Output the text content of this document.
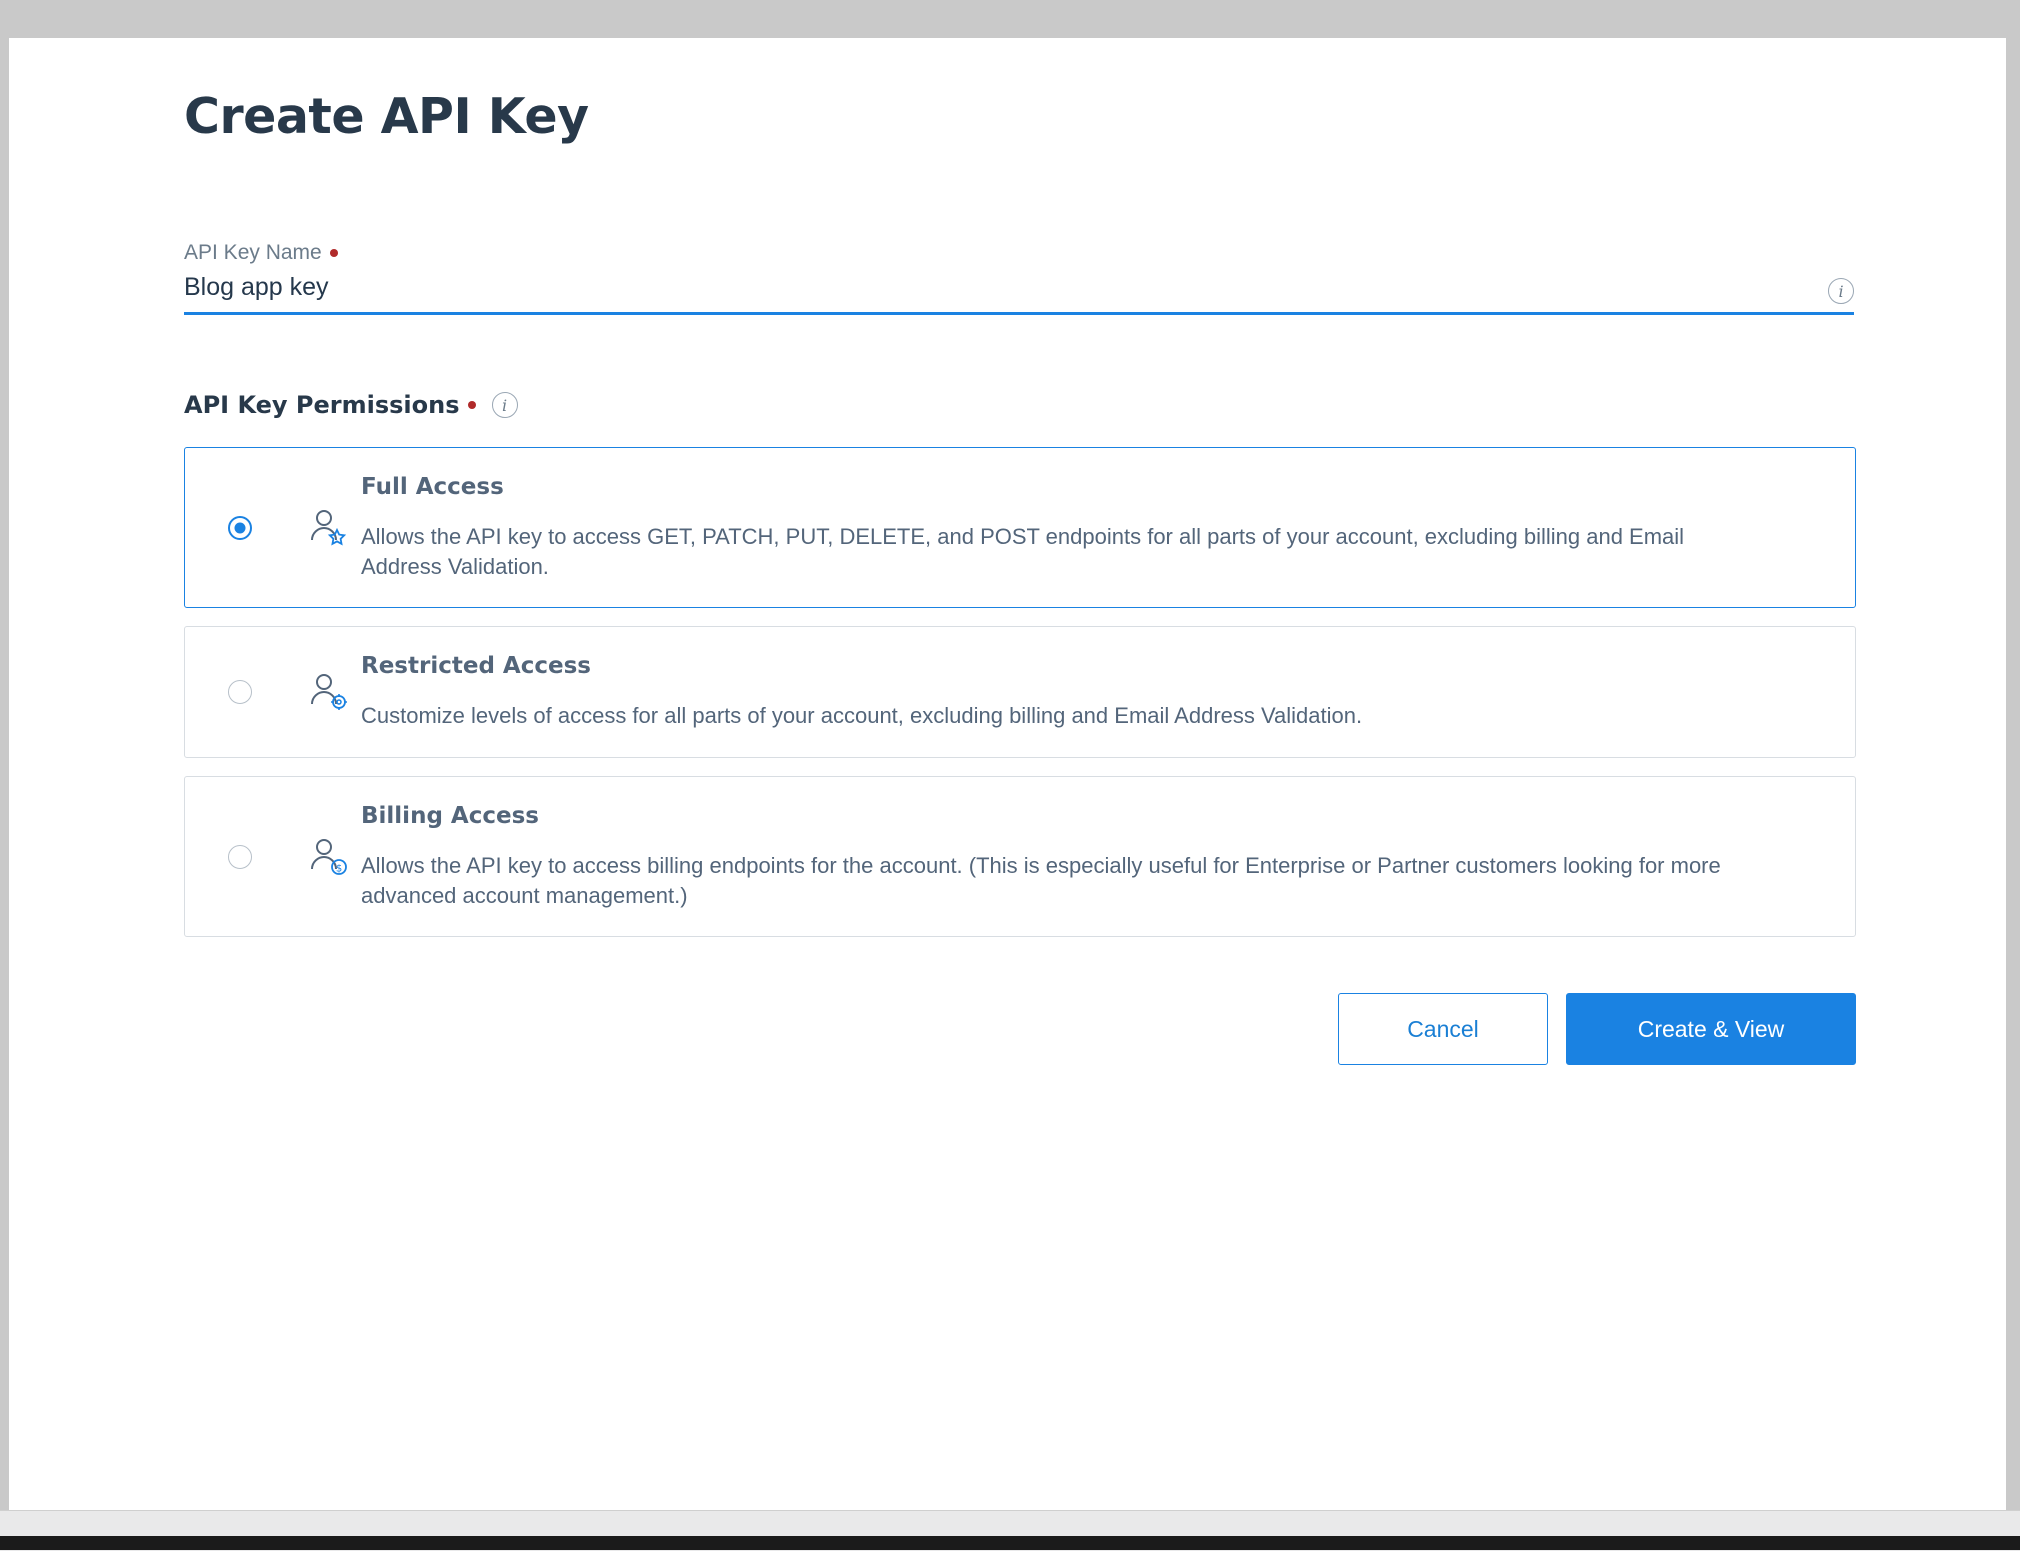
Create API Key
API Key Name
Blog app key
i
API Key Permissions	i
Full Access
Allows the API key to access GET, PATCH, PUT, DELETE, and POST endpoints for all parts of your account, excluding billing and Email Address Validation.
Restricted Access
Customize levels of access for all parts of your account, excluding billing and Email Address Validation.
$
Billing Access
Allows the API key to access billing endpoints for the account. (This is especially useful for Enterprise or Partner customers looking for more advanced account management.)
Cancel	Create & View
